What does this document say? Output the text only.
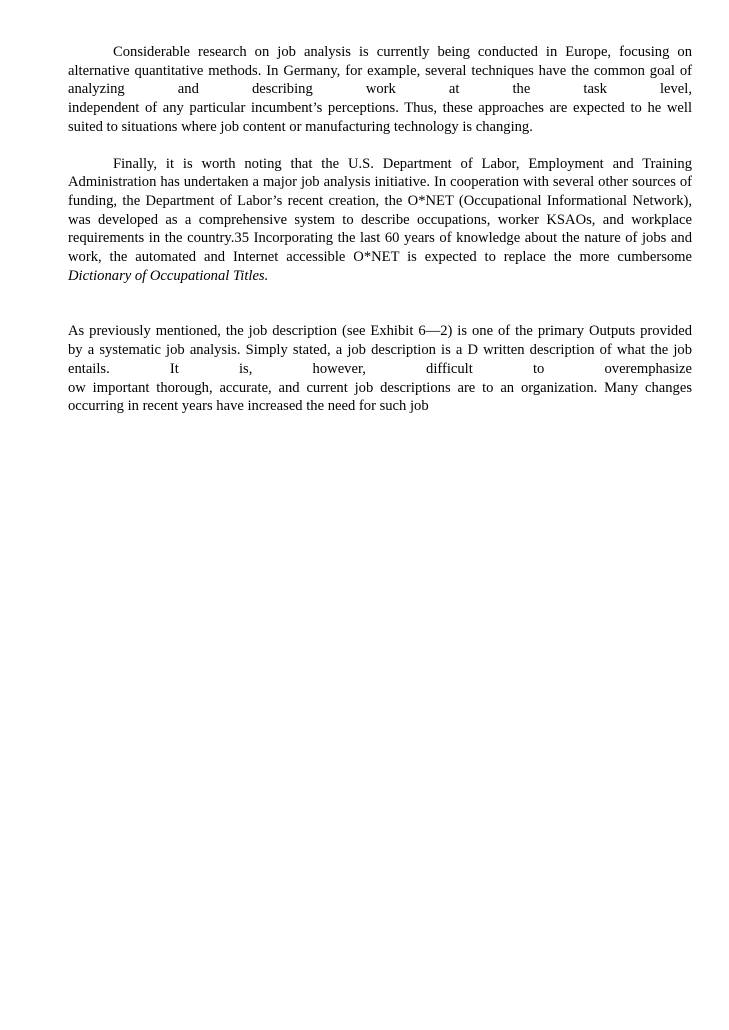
Considerable research on job analysis is currently being conducted in Europe, focusing on
alternative quantitative methods. In Germany, for example, several techniques have the common goal of
analyzing and describing work at the task level,
independent of any particular incumbent’s perceptions. Thus, these approaches are expected to he well
suited to situations where job content or manufacturing technology is changing.

Finally, it is worth noting that the U.S. Department of Labor, Employment and Training
Administration has undertaken a major job analysis initiative. In cooperation with several other sources of
funding, the Department of Labor’s recent creation, the O*NET (Occupational Informational Network),
was developed as a comprehensive system to describe occupations, worker KSAOs, and workplace
requirements in the country.35 Incorporating the last 60 years of knowledge about the nature of jobs and
work, the automated and Internet accessible O*NET is expected to replace the more cumbersome
Dictionary of Occupational Titles.

As previously mentioned, the job description (see Exhibit 6—2) is one of the primary Outputs provided
by a systematic job analysis. Simply stated, a job description is a D written description of what the job
entails. It is, however, difficult to overemphasize
ow important thorough, accurate, and current job descriptions are to an organization. Many changes
occurring in recent years have increased the need for such job
